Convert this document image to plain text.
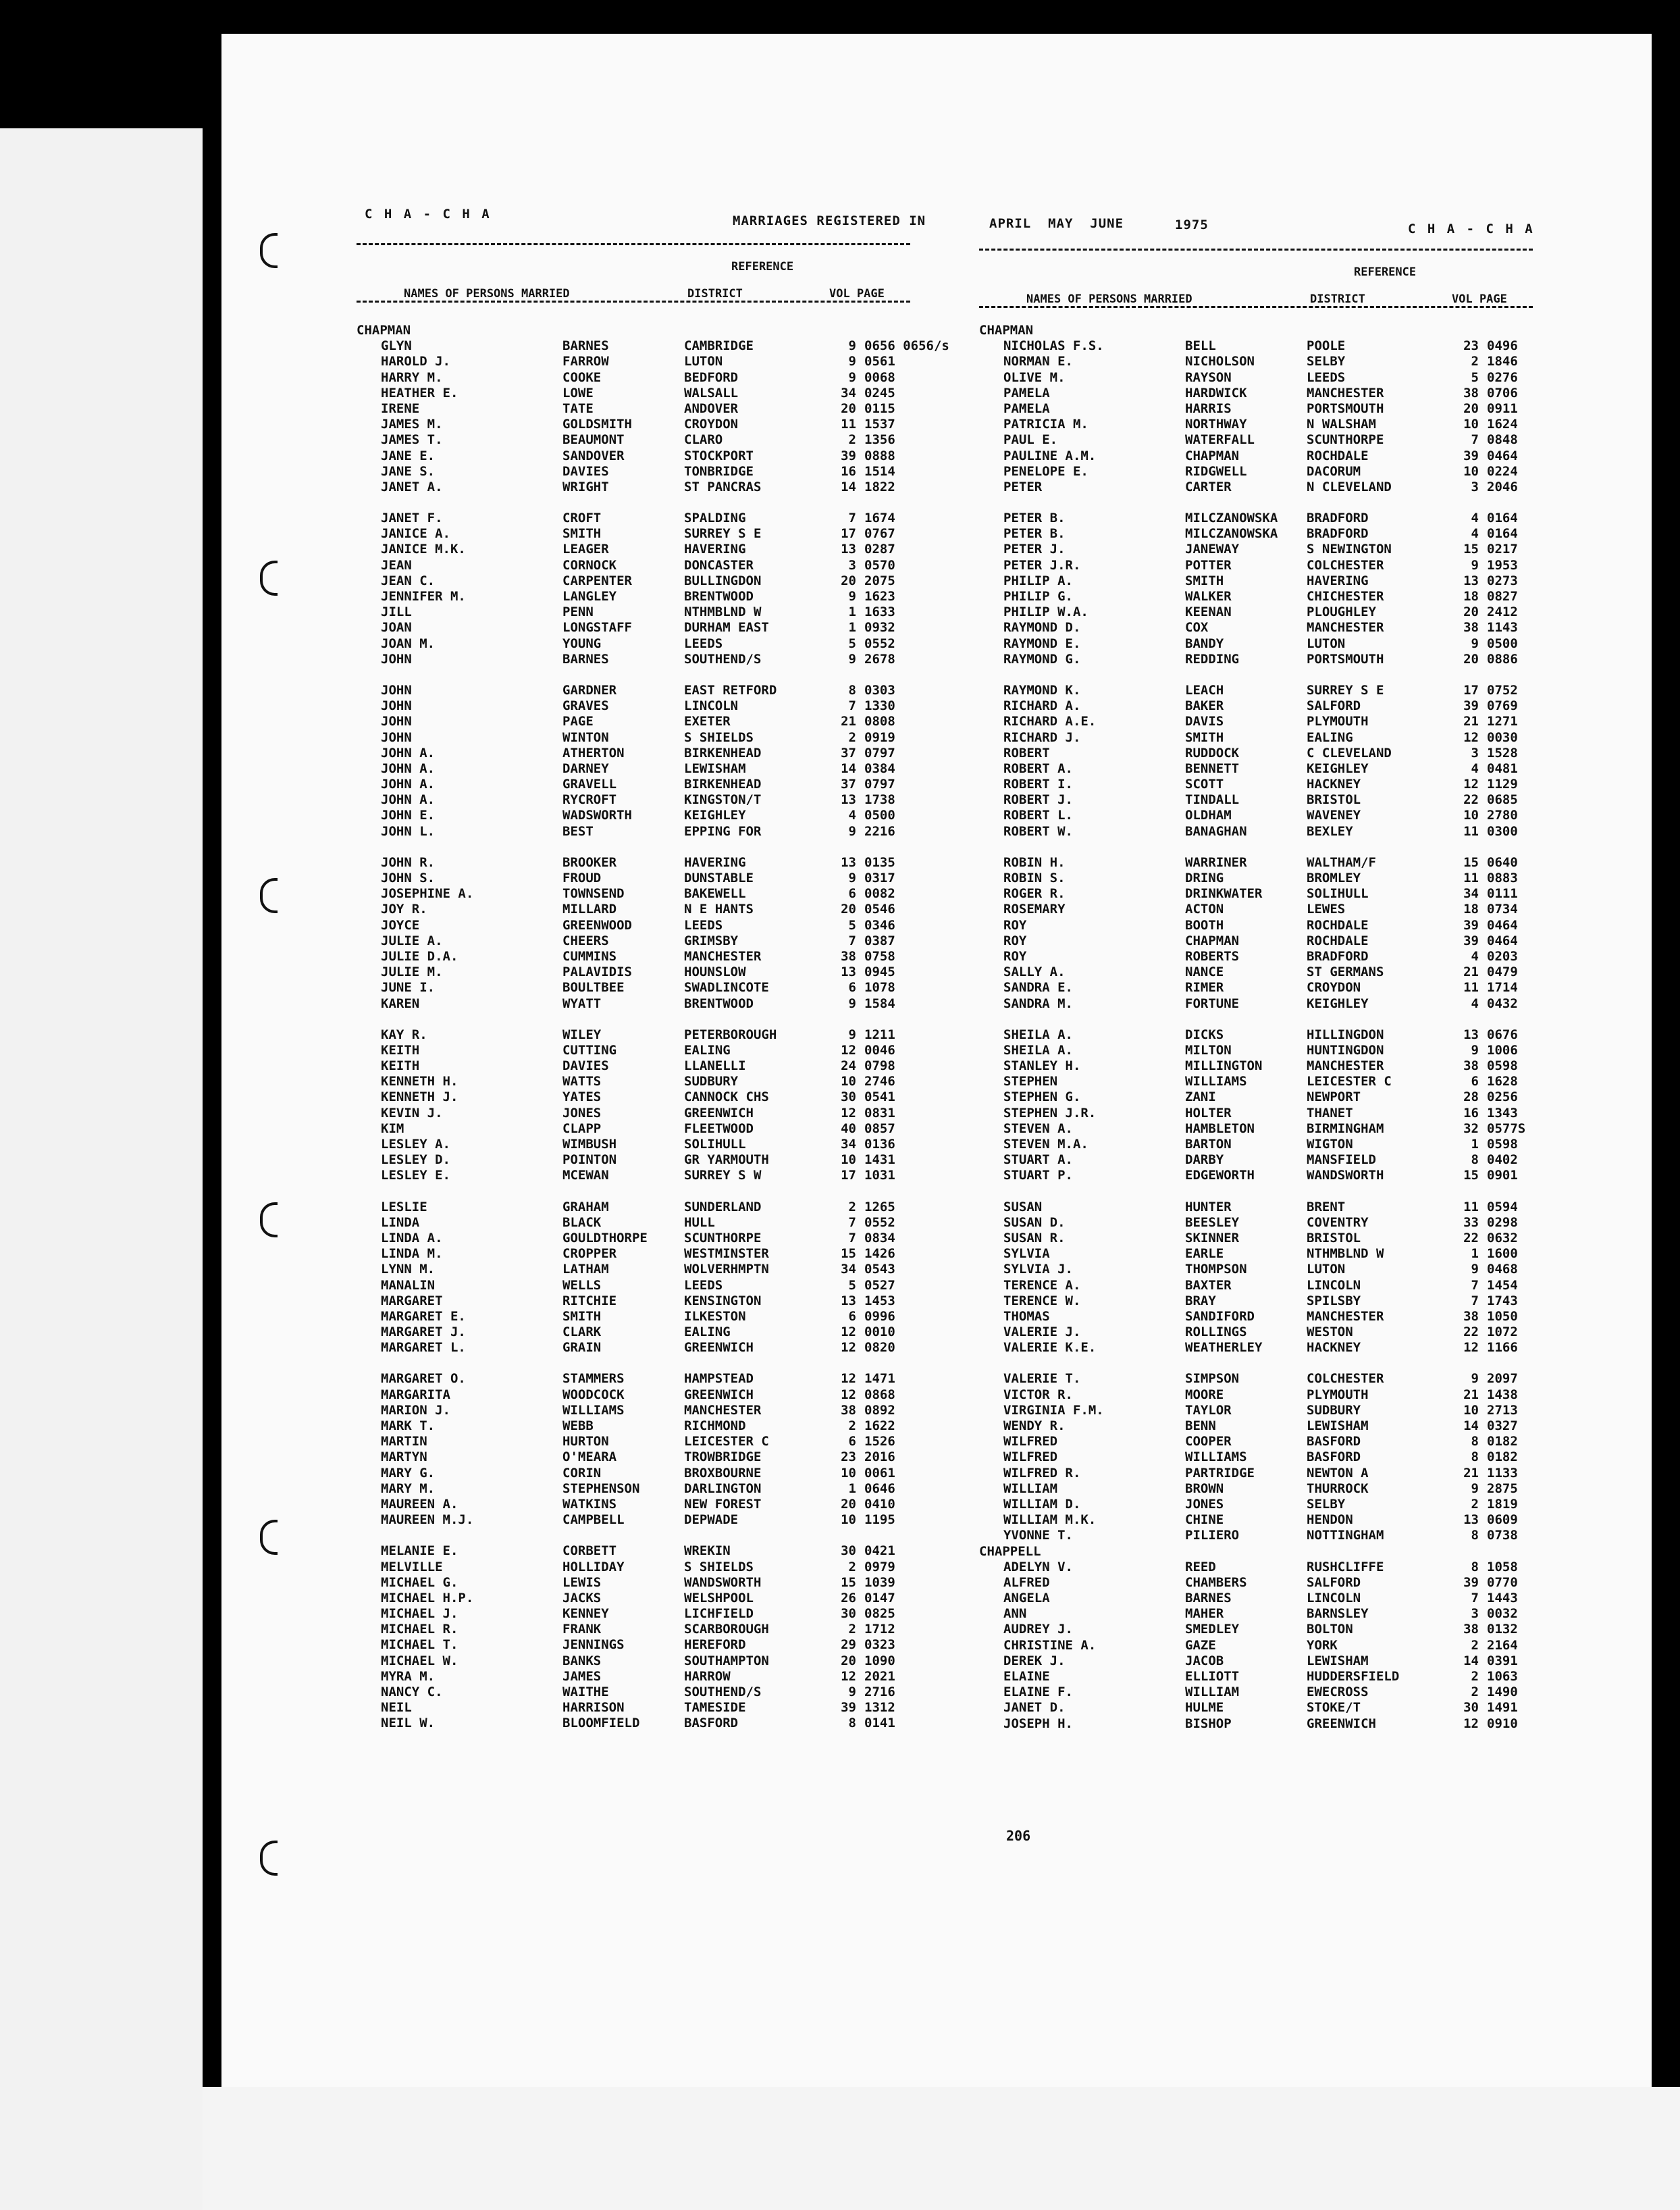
C H A - C H A	MARRIAGES REGISTERED IN	APRIL  MAY  JUNE	1975	C H A - C H A
REFERENCE
NAMES OF PERSONS MARRIED	DISTRICT	VOL PAGE
CHAPMAN
GLYN	BARNES	CAMBRIDGE	9 0656 0656/s
HAROLD J.	FARROW	LUTON	9 0561
HARRY M.	COOKE	BEDFORD	9 0068
HEATHER E.	LOWE	WALSALL	34 0245
IRENE	TATE	ANDOVER	20 0115
JAMES M.	GOLDSMITH	CROYDON	11 1537
JAMES T.	BEAUMONT	CLARO	2 1356
JANE E.	SANDOVER	STOCKPORT	39 0888
JANE S.	DAVIES	TONBRIDGE	16 1514
JANET A.	WRIGHT	ST PANCRAS	14 1822
JANET F.	CROFT	SPALDING	7 1674
JANICE A.	SMITH	SURREY S E	17 0767
JANICE M.K.	LEAGER	HAVERING	13 0287
JEAN	CORNOCK	DONCASTER	3 0570
JEAN C.	CARPENTER	BULLINGDON	20 2075
JENNIFER M.	LANGLEY	BRENTWOOD	9 1623
JILL	PENN	NTHMBLND W	1 1633
JOAN	LONGSTAFF	DURHAM EAST	1 0932
JOAN M.	YOUNG	LEEDS	5 0552
JOHN	BARNES	SOUTHEND/S	9 2678
JOHN	GARDNER	EAST RETFORD	8 0303
JOHN	GRAVES	LINCOLN	7 1330
JOHN	PAGE	EXETER	21 0808
JOHN	WINTON	S SHIELDS	2 0919
JOHN A.	ATHERTON	BIRKENHEAD	37 0797
JOHN A.	DARNEY	LEWISHAM	14 0384
JOHN A.	GRAVELL	BIRKENHEAD	37 0797
JOHN A.	RYCROFT	KINGSTON/T	13 1738
JOHN E.	WADSWORTH	KEIGHLEY	4 0500
JOHN L.	BEST	EPPING FOR	9 2216
JOHN R.	BROOKER	HAVERING	13 0135
JOHN S.	FROUD	DUNSTABLE	9 0317
JOSEPHINE A.	TOWNSEND	BAKEWELL	6 0082
JOY R.	MILLARD	N E HANTS	20 0546
JOYCE	GREENWOOD	LEEDS	5 0346
JULIE A.	CHEERS	GRIMSBY	7 0387
JULIE D.A.	CUMMINS	MANCHESTER	38 0758
JULIE M.	PALAVIDIS	HOUNSLOW	13 0945
JUNE I.	BOULTBEE	SWADLINCOTE	6 1078
KAREN	WYATT	BRENTWOOD	9 1584
KAY R.	WILEY	PETERBOROUGH	9 1211
KEITH	CUTTING	EALING	12 0046
KEITH	DAVIES	LLANELLI	24 0798
KENNETH H.	WATTS	SUDBURY	10 2746
KENNETH J.	YATES	CANNOCK CHS	30 0541
KEVIN J.	JONES	GREENWICH	12 0831
KIM	CLAPP	FLEETWOOD	40 0857
LESLEY A.	WIMBUSH	SOLIHULL	34 0136
LESLEY D.	POINTON	GR YARMOUTH	10 1431
LESLEY E.	MCEWAN	SURREY S W	17 1031
LESLIE	GRAHAM	SUNDERLAND	2 1265
LINDA	BLACK	HULL	7 0552
LINDA A.	GOULDTHORPE	SCUNTHORPE	7 0834
LINDA M.	CROPPER	WESTMINSTER	15 1426
LYNN M.	LATHAM	WOLVERHMPTN	34 0543
MANALIN	WELLS	LEEDS	5 0527
MARGARET	RITCHIE	KENSINGTON	13 1453
MARGARET E.	SMITH	ILKESTON	6 0996
MARGARET J.	CLARK	EALING	12 0010
MARGARET L.	GRAIN	GREENWICH	12 0820
MARGARET O.	STAMMERS	HAMPSTEAD	12 1471
MARGARITA	WOODCOCK	GREENWICH	12 0868
MARION J.	WILLIAMS	MANCHESTER	38 0892
MARK T.	WEBB	RICHMOND	2 1622
MARTIN	HURTON	LEICESTER C	6 1526
MARTYN	O'MEARA	TROWBRIDGE	23 2016
MARY G.	CORIN	BROXBOURNE	10 0061
MARY M.	STEPHENSON	DARLINGTON	1 0646
MAUREEN A.	WATKINS	NEW FOREST	20 0410
MAUREEN M.J.	CAMPBELL	DEPWADE	10 1195
MELANIE E.	CORBETT	WREKIN	30 0421
MELVILLE	HOLLIDAY	S SHIELDS	2 0979
MICHAEL G.	LEWIS	WANDSWORTH	15 1039
MICHAEL H.P.	JACKS	WELSHPOOL	26 0147
MICHAEL J.	KENNEY	LICHFIELD	30 0825
MICHAEL R.	FRANK	SCARBOROUGH	2 1712
MICHAEL T.	JENNINGS	HEREFORD	29 0323
MICHAEL W.	BANKS	SOUTHAMPTON	20 1090
MYRA M.	JAMES	HARROW	12 2021
NANCY C.	WAITHE	SOUTHEND/S	9 2716
NEIL	HARRISON	TAMESIDE	39 1312
NEIL W.	BLOOMFIELD	BASFORD	8 0141
REFERENCE
NAMES OF PERSONS MARRIED	DISTRICT	VOL PAGE
CHAPMAN
NICHOLAS F.S.	BELL	POOLE	23 0496
NORMAN E.	NICHOLSON	SELBY	2 1846
OLIVE M.	RAYSON	LEEDS	5 0276
PAMELA	HARDWICK	MANCHESTER	38 0706
PAMELA	HARRIS	PORTSMOUTH	20 0911
PATRICIA M.	NORTHWAY	N WALSHAM	10 1624
PAUL E.	WATERFALL	SCUNTHORPE	7 0848
PAULINE A.M.	CHAPMAN	ROCHDALE	39 0464
PENELOPE E.	RIDGWELL	DACORUM	10 0224
PETER	CARTER	N CLEVELAND	3 2046
PETER B.	MILCZANOWSKA BRADFORD	4 0164
PETER B.	MILCZANOWSKA BRADFORD	4 0164
PETER J.	JANEWAY	S NEWINGTON	15 0217
PETER J.R.	POTTER	COLCHESTER	9 1953
PHILIP A.	SMITH	HAVERING	13 0273
PHILIP G.	WALKER	CHICHESTER	18 0827
PHILIP W.A.	KEENAN	PLOUGHLEY	20 2412
RAYMOND D.	COX	MANCHESTER	38 1143
RAYMOND E.	BANDY	LUTON	9 0500
RAYMOND G.	REDDING	PORTSMOUTH	20 0886
RAYMOND K.	LEACH	SURREY S E	17 0752
RICHARD A.	BAKER	SALFORD	39 0769
RICHARD A.E.	DAVIS	PLYMOUTH	21 1271
RICHARD J.	SMITH	EALING	12 0030
ROBERT	RUDDOCK	C CLEVELAND	3 1528
ROBERT A.	BENNETT	KEIGHLEY	4 0481
ROBERT I.	SCOTT	HACKNEY	12 1129
ROBERT J.	TINDALL	BRISTOL	22 0685
ROBERT L.	OLDHAM	WAVENEY	10 2780
ROBERT W.	BANAGHAN	BEXLEY	11 0300
ROBIN H.	WARRINER	WALTHAM/F	15 0640
ROBIN S.	DRING	BROMLEY	11 0883
ROGER R.	DRINKWATER	SOLIHULL	34 0111
ROSEMARY	ACTON	LEWES	18 0734
ROY	BOOTH	ROCHDALE	39 0464
ROY	CHAPMAN	ROCHDALE	39 0464
ROY	ROBERTS	BRADFORD	4 0203
SALLY A.	NANCE	ST GERMANS	21 0479
SANDRA E.	RIMER	CROYDON	11 1714
SANDRA M.	FORTUNE	KEIGHLEY	4 0432
SHEILA A.	DICKS	HILLINGDON	13 0676
SHEILA A.	MILTON	HUNTINGDON	9 1006
STANLEY H.	MILLINGTON	MANCHESTER	38 0598
STEPHEN	WILLIAMS	LEICESTER C	6 1628
STEPHEN G.	ZANI	NEWPORT	28 0256
STEPHEN J.R.	HOLTER	THANET	16 1343
STEVEN A.	HAMBLETON	BIRMINGHAM	32 0577S
STEVEN M.A.	BARTON	WIGTON	1 0598
STUART A.	DARBY	MANSFIELD	8 0402
STUART P.	EDGEWORTH	WANDSWORTH	15 0901
SUSAN	HUNTER	BRENT	11 0594
SUSAN D.	BEESLEY	COVENTRY	33 0298
SUSAN R.	SKINNER	BRISTOL	22 0632
SYLVIA	EARLE	NTHMBLND W	1 1600
SYLVIA J.	THOMPSON	LUTON	9 0468
TERENCE A.	BAXTER	LINCOLN	7 1454
TERENCE W.	BRAY	SPILSBY	7 1743
THOMAS	SANDIFORD	MANCHESTER	38 1050
VALERIE J.	ROLLINGS	WESTON	22 1072
VALERIE K.E.	WEATHERLEY	HACKNEY	12 1166
VALERIE T.	SIMPSON	COLCHESTER	9 2097
VICTOR R.	MOORE	PLYMOUTH	21 1438
VIRGINIA F.M.	TAYLOR	SUDBURY	10 2713
WENDY R.	BENN	LEWISHAM	14 0327
WILFRED	COOPER	BASFORD	8 0182
WILFRED	WILLIAMS	BASFORD	8 0182
WILFRED R.	PARTRIDGE	NEWTON A	21 1133
WILLIAM	BROWN	THURROCK	9 2875
WILLIAM D.	JONES	SELBY	2 1819
WILLIAM M.K.	CHINE	HENDON	13 0609
YVONNE T.	PILIERO	NOTTINGHAM	8 0738
CHAPPELL
ADELYN V.	REED	RUSHCLIFFE	8 1058
ALFRED	CHAMBERS	SALFORD	39 0770
ANGELA	BARNES	LINCOLN	7 1443
ANN	MAHER	BARNSLEY	3 0032
AUDREY J.	SMEDLEY	BOLTON	38 0132
CHRISTINE A.	GAZE	YORK	2 2164
DEREK J.	JACOB	LEWISHAM	14 0391
ELAINE	ELLIOTT	HUDDERSFIELD	2 1063
ELAINE F.	WILLIAM	EWECROSS	2 1490
JANET D.	HULME	STOKE/T	30 1491
JOSEPH H.	BISHOP	GREENWICH	12 0910
206
